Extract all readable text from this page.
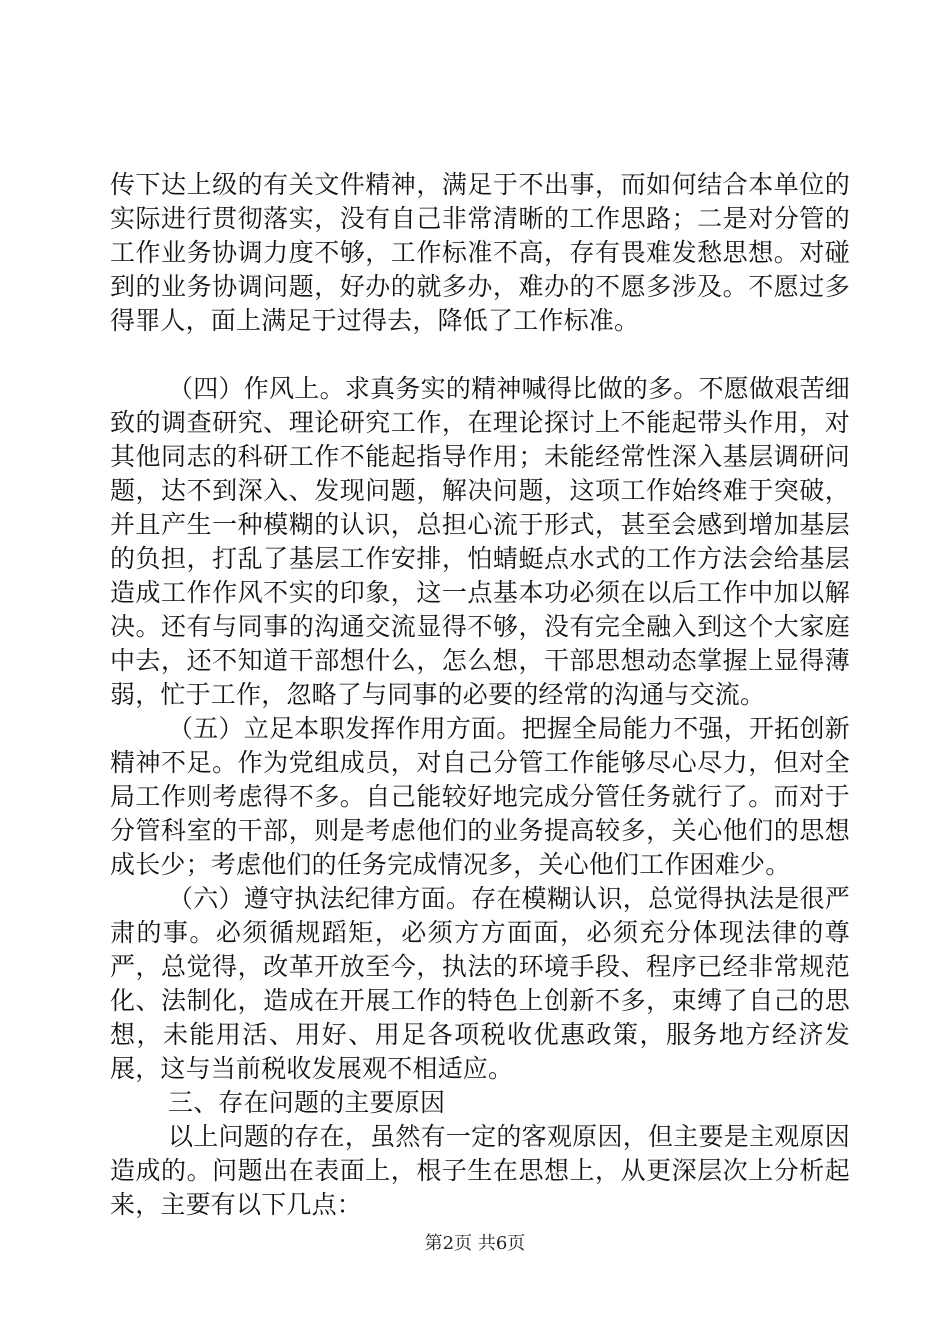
传下达上级的有关文件精神，满足于不出事，而如何结合本单位的实际进行贯彻落实，没有自己非常清晰的工作思路；二是对分管的工作业务协调力度不够，工作标准不高，存有畏难发愁思想。对碰到的业务协调问题，好办的就多办，难办的不愿多涉及。不愿过多得罪人，面上满足于过得去，降低了工作标准。

（四）作风上。求真务实的精神喊得比做的多。不愿做艰苦细致的调查研究、理论研究工作，在理论探讨上不能起带头作用，对其他同志的科研工作不能起指导作用；未能经常性深入基层调研问题，达不到深入、发现问题，解决问题，这项工作始终难于突破，并且产生一种模糊的认识，总担心流于形式，甚至会感到增加基层的负担，打乱了基层工作安排，怕蜻蜓点水式的工作方法会给基层造成工作作风不实的印象，这一点基本功必须在以后工作中加以解决。还有与同事的沟通交流显得不够，没有完全融入到这个大家庭中去，还不知道干部想什么，怎么想，干部思想动态掌握上显得薄弱，忙于工作，忽略了与同事的必要的经常的沟通与交流。

（五）立足本职发挥作用方面。把握全局能力不强，开拓创新精神不足。作为党组成员，对自己分管工作能够尽心尽力，但对全局工作则考虑得不多。自己能较好地完成分管任务就行了。而对于分管科室的干部，则是考虑他们的业务提高较多，关心他们的思想成长少；考虑他们的任务完成情况多，关心他们工作困难少。

（六）遵守执法纪律方面。存在模糊认识，总觉得执法是很严肃的事。必须循规蹈矩，必须方方面面，必须充分体现法律的尊严，总觉得，改革开放至今，执法的环境手段、程序已经非常规范化、法制化，造成在开展工作的特色上创新不多，束缚了自己的思想，未能用活、用好、用足各项税收优惠政策，服务地方经济发展，这与当前税收发展观不相适应。

三、存在问题的主要原因

以上问题的存在，虽然有一定的客观原因，但主要是主观原因造成的。问题出在表面上，根子生在思想上，从更深层次上分析起来，主要有以下几点：

第2页 共6页
